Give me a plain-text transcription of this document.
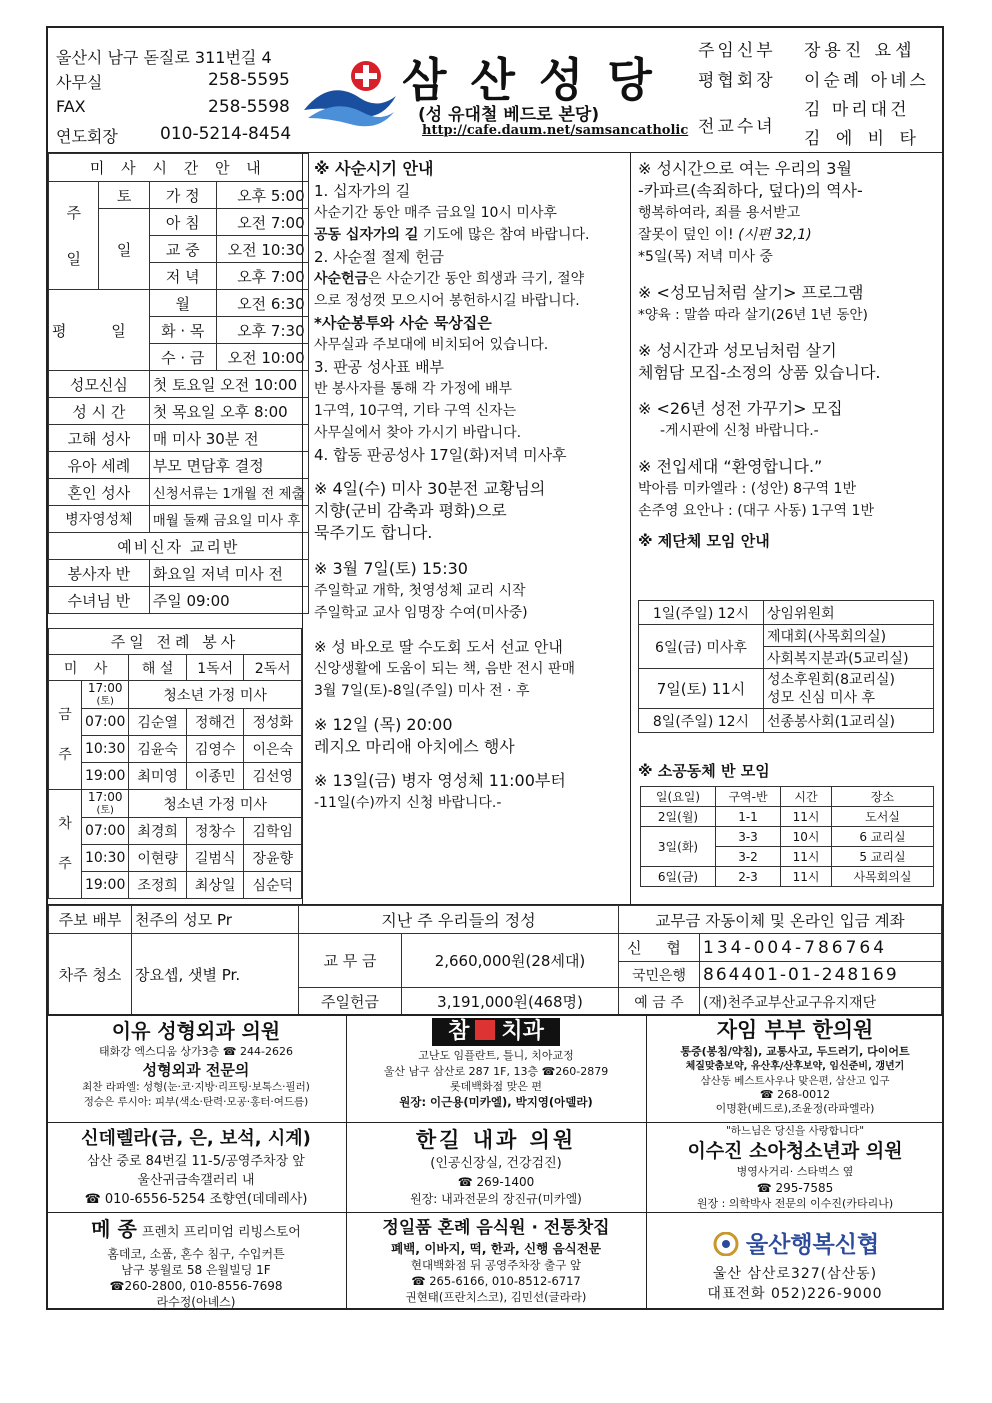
울산시 남구 돋질로 311번길 4
사무실	258-5595
FAX	258-5598
연도회장 010-5214-8454
삼 산 성 당
(성 유대철 베드로 본당)
http://cafe.daum.net/samsancatholic
주임신부 장용진 요셉
평협회장 이순례 아녜스
전교수녀
김 마리대건
김 에 비 타
미 사 시 간 안 내			

주
일	토	가 정	오후 5:00
	일	아 침	오전 7:00
		교 중	오전 10:30
		저 녁	오후 7:00
평 일		월	오전 6:30
		화 · 목	오후 7:30
		수 · 금	오전 10:00
성모신심		첫 토요일 오전 10:00	
성 시 간		첫 목요일 오후 8:00	
고해 성사		매 미사 30분 전	
유아 세례		부모 면담후 결정	
혼인 성사		신청서류는 1개월 전 제출	
병자영성체		매월 둘째 금요일 미사 후	
예비신자 교리반			
봉사자 반		화요일 저녁 미사 전	
수녀님 반		주일 09:00	
주일 전례 봉사				
미 사		해 설	1독서	2독서

금
주	17:00
(토)	청소년 가정 미사		
	07:00	김순열	정해건	정성화
	10:30	김윤숙	김영수	이은숙
	19:00	최미영	이종민	김선영

차
주	17:00
(토)	청소년 가정 미사		
	07:00	최경희	정창수	김학임
	10:30	이현량	길범식	장윤향
	19:00	조정희	최상일	심순덕
※ 사순시기 안내
1. 십자가의 길
사순기간 동안 매주 금요일 10시 미사후
공동 십자가의 길 기도에 많은 참여 바랍니다.
2. 사순절 절제 헌금
사순헌금은 사순기간 동안 희생과 극기, 절약
으로 정성껏 모으시어 봉헌하시길 바랍니다.
*사순봉투와 사순 묵상집은
사무실과 주보대에 비치되어 있습니다.
3. 판공 성사표 배부
반 봉사자를 통해 각 가정에 배부
1구역, 10구역, 기타 구역 신자는
사무실에서 찾아 가시기 바랍니다.
4. 합동 판공성사 17일(화)저녁 미사후
※ 4일(수) 미사 30분전 교황님의
지향(군비 감축과 평화)으로
묵주기도 합니다.
※ 3월 7일(토) 15:30
주일학교 개학, 첫영성체 교리 시작
주일학교 교사 임명장 수여(미사중)
※ 성 바오로 딸 수도회 도서 선교 안내
신앙생활에 도움이 되는 책, 음반 전시 판매
3월 7일(토)-8일(주일) 미사 전 · 후
※ 12일 (목) 20:00
레지오 마리애 아치에스 행사
※ 13일(금) 병자 영성체 11:00부터
-11일(수)까지 신청 바랍니다.-
※ 성시간으로 여는 우리의 3월
-카파르(속죄하다, 덮다)의 역사-
행복하여라, 죄를 용서받고
잘못이 덮인 이! (시편 32,1)
*5일(목) 저녁 미사 중
※ <성모님처럼 살기> 프로그램
*양육 : 말씀 따라 살기(26년 1년 동안)
※ 성시간과 성모님처럼 살기
체험담 모집-소정의 상품 있습니다.
※ <26년 성전 가꾸기> 모집
-게시판에 신청 바랍니다.-
※ 전입세대 “환영합니다.”
박아름 미카엘라 : (성안) 8구역 1반
손주영 요안나 : (대구 사동) 1구역 1반
※ 제단체 모임 안내
1일(주일) 12시	상임위원회
6일(금) 미사후	제대회(사목회의실)
	사회복지분과(5교리실)
7일(토) 11시	성소후원회(8교리실)
성모 신심 미사 후
8일(주일) 12시	선종봉사회(1교리실)
※ 소공동체 반 모임
일(요일)	구역-반	시간	장소
2일(월)	1-1	11시	도서실
3일(화)	3-3	10시	6 교리실
	3-2	11시	5 교리실
6일(금)	2-3	11시	사목회의실
주보 배부	천주의 성모 Pr	지난 주 우리들의 정성		교무금 자동이체 및 온라인 입금 계좌	
차주 청소	장요셉, 샛별 Pr.	교 무 금	2,660,000원(28세대)	신 협	134-004-786764
				국민은행	864401-01-248169
		주일헌금	3,191,000원(468명)	예 금 주	(재)천주교부산교구유지재단
이유 성형외과 의원
태화강 엑스디움 상가3층 ☎ 244-2626
성형외과 전문의
최찬 라파엘: 성형(눈·코·지방·리프팅·보톡스·필러)
정승은 루시아: 피부(색소·탄력·모공·홍터·여드름)
참 치과
고난도 임플란트, 틀니, 치아교정
울산 남구 삼산로 287 1F, 13층 ☎260-2879
롯데백화점 맞은 편
원장: 이근용(미카엘), 박지영(아델라)
자임 부부 한의원
통증(봉침/약침), 교통사고, 두드러기, 다이어트
체질맞춤보약, 유산후/산후보약, 임신준비, 갱년기
삼산동 베스트사우나 맞은편, 삼산고 입구
☎ 268-0012
이명환(베드로),조윤정(라파엘라)
신데렐라(금, 은, 보석, 시계)
삼산 중로 84번길 11-5/공영주차장 앞
울산귀금속갤러리 내
☎ 010-6556-5254 조향연(데데레사)
한길 내과 의원
(인공신장실, 건강검진)
☎ 269-1400
원장: 내과전문의 장진규(미카엘)
"하느님은 당신을 사랑합니다"
이수진 소아청소년과 의원
병영사거리· 스타벅스 옆
☎ 295-7585
원장 : 의학박사 전문의 이수진(카타리나)
메 종 프렌치 프리미엄 리빙스토어
홈데코, 소품, 혼수 침구, 수입커튼
남구 봉월로 58 은월빌딩 1F
☎260-2800, 010-8556-7698
라수정(아녜스)
정일품 혼례 음식원 · 전통찻집
폐백, 이바지, 떡, 한과, 신행 음식전문
현대백화점 뒤 공영주차장 출구 앞
☎ 265-6166, 010-8512-6717
권현태(프란치스코), 김민선(글라라)
울산행복신협
울산 삼산로327(삼산동)
대표전화 052)226-9000
